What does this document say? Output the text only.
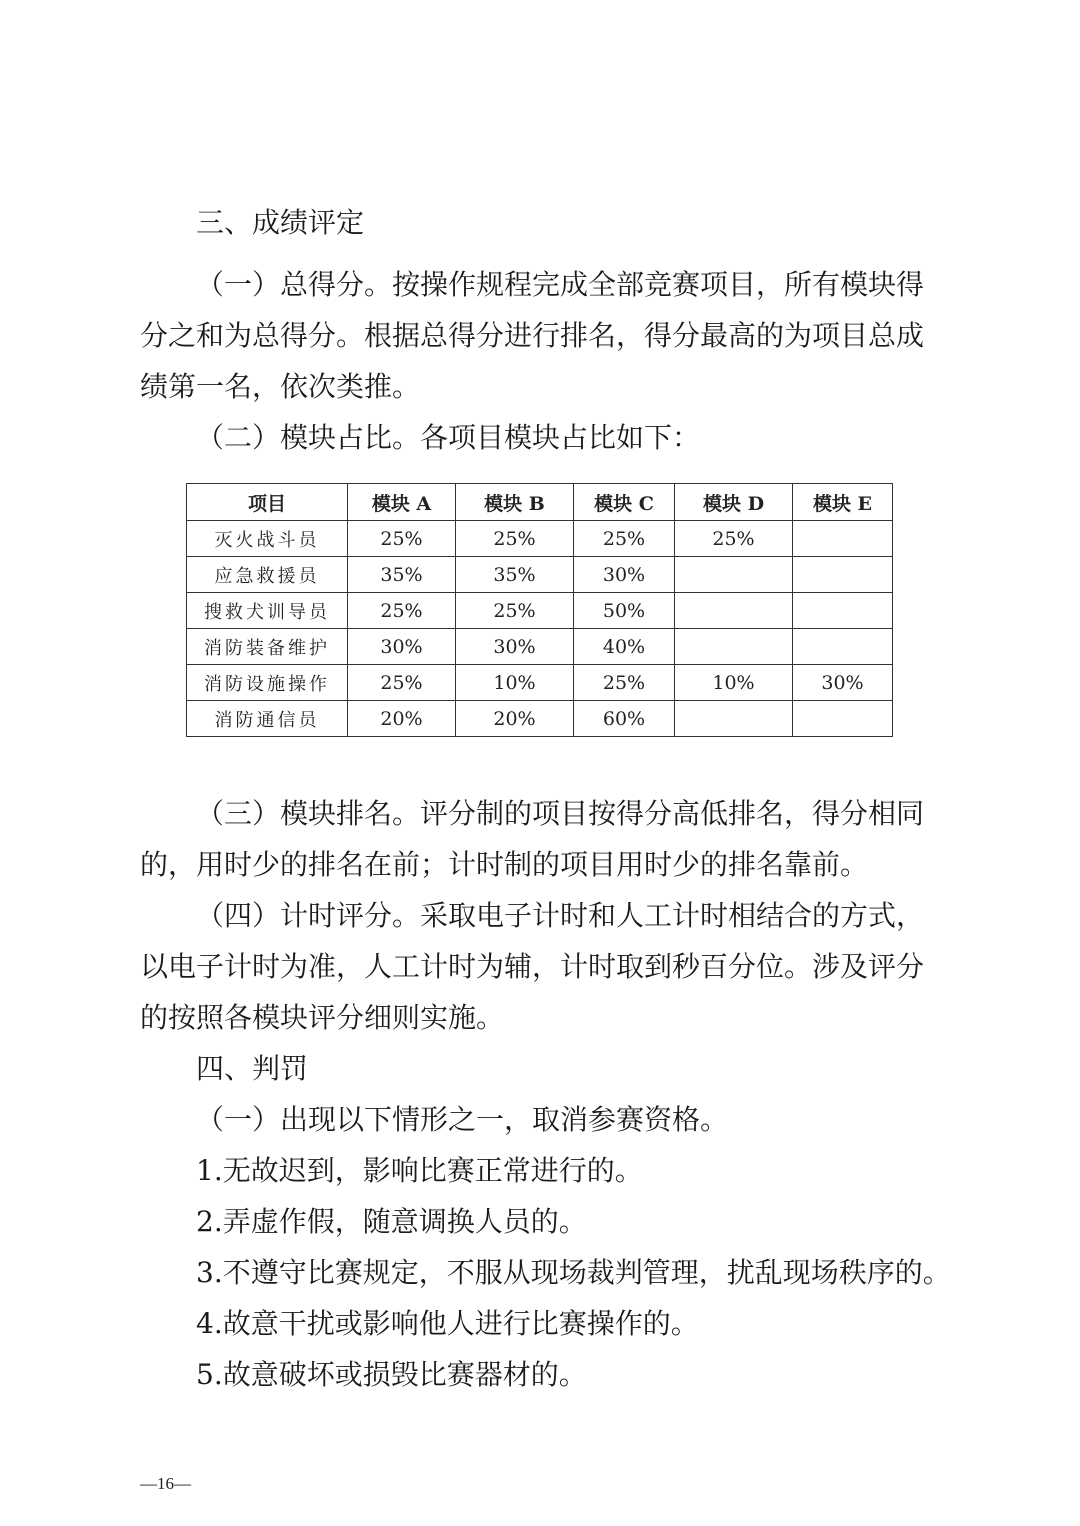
三、成绩评定

（一）总得分。按操作规程完成全部竞赛项目，所有模块得

分之和为总得分。根据总得分进行排名，得分最高的为项目总成

绩第一名，依次类推。

（二）模块占比。各项目模块占比如下：

项目	模块 A	模块 B	模块 C	模块 D	模块 E
灭火战斗员	25%	25%	25%	25%	
应急救援员	35%	35%	30%		
搜救犬训导员	25%	25%	50%		
消防装备维护	30%	30%	40%		
消防设施操作	25%	10%	25%	10%	30%
消防通信员	20%	20%	60%		

（三）模块排名。评分制的项目按得分高低排名，得分相同

的，用时少的排名在前；计时制的项目用时少的排名靠前。

（四）计时评分。采取电子计时和人工计时相结合的方式，

以电子计时为准，人工计时为辅，计时取到秒百分位。涉及评分

的按照各模块评分细则实施。

四、判罚

（一）出现以下情形之一，取消参赛资格。

1.无故迟到，影响比赛正常进行的。

2.弄虚作假，随意调换人员的。

3.不遵守比赛规定，不服从现场裁判管理，扰乱现场秩序的。

4.故意干扰或影响他人进行比赛操作的。

5.故意破坏或损毁比赛器材的。

—16—
